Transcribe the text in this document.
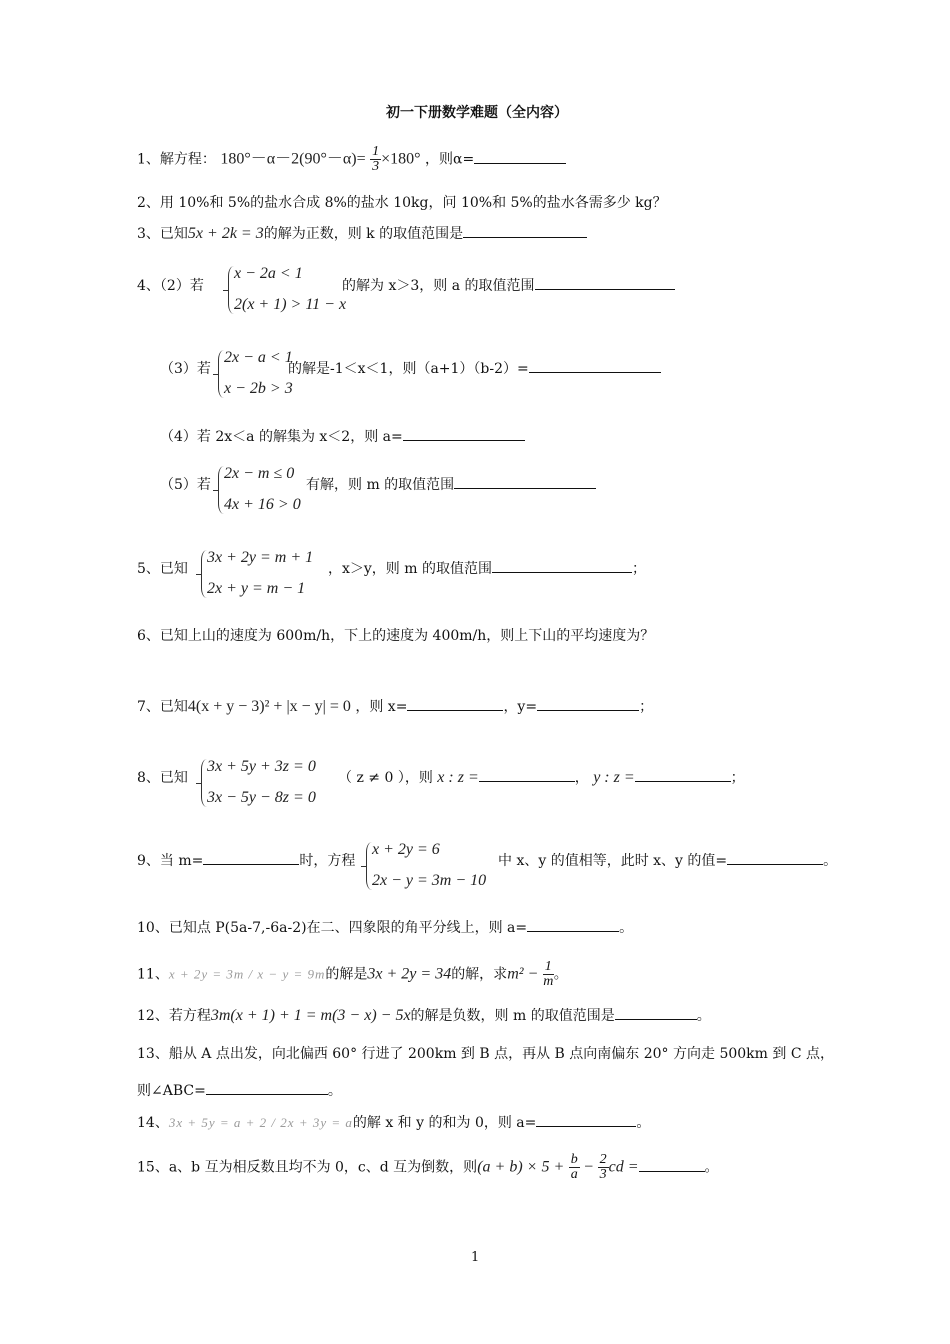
初一下册数学难题（全内容）
1、解方程： $180^\circ-\alpha-2(90^\circ-\alpha)= \frac{1}{3} \times 180^\circ$ ，则α=
2、用 10%和 5%的盐水合成 8%的盐水 10kg，问 10%和 5%的盐水各需多少 kg？
3、已知5x + 2k = 3的解为正数，则 k 的取值范围是
4、（2）若
x − 2a < 1
2(x + 1) > 11 − x
的解为 x＞3，则 a 的取值范围
（3）若
2x − a < 1
x − 2b > 3
的解是-1＜x＜1，则（a+1）（b-2）=
（4）若 2x＜a 的解集为 x＜2，则 a=
（5）若
2x − m ≤ 0
4x + 16 > 0
有解，则 m 的取值范围
5、已知
3x + 2y = m + 1
2x + y = m − 1
，x＞y，则 m 的取值范围	；
6、已知上山的速度为 600m/h，下上的速度为 400m/h，则上下山的平均速度为？
7、已知4(x + y − 3)² + |x − y| = 0 ，则 x=	，y=	；
8、已知
3x + 5y + 3z = 0
3x − 5y − 8z = 0
（ z ≠ 0 ），则 x : z =	， y : z =	；
9、当 m=	时，方程
x + 2y = 6
2x − y = 3m − 10
中 x、y 的值相等，此时 x、y 的值=	。
10、已知点 P(5a-7,-6a-2)在二、四象限的角平分线上，则 a=	。
11、x + 2y = 3m / x − y = 9m的解是3x + 2y = 34的解，求$m^2 - \frac{1}{m}$ 。
12、若方程3m(x + 1) + 1 = m(3 − x) − 5x的解是负数，则 m 的取值范围是	。
13、船从 A 点出发，向北偏西 60° 行进了 200km 到 B 点，再从 B 点向南偏东 20° 方向走 500km 到 C 点，
则∠ABC=	。
14、3x + 5y = a + 2 / 2x + 3y = a的解 x 和 y 的和为 0，则 a=	。
15、a、b 互为相反数且均不为 0，c、d 互为倒数，则$(a + b) \times 5 + \frac{b}{a} - \frac{2}{3}$ cd =	。
1
